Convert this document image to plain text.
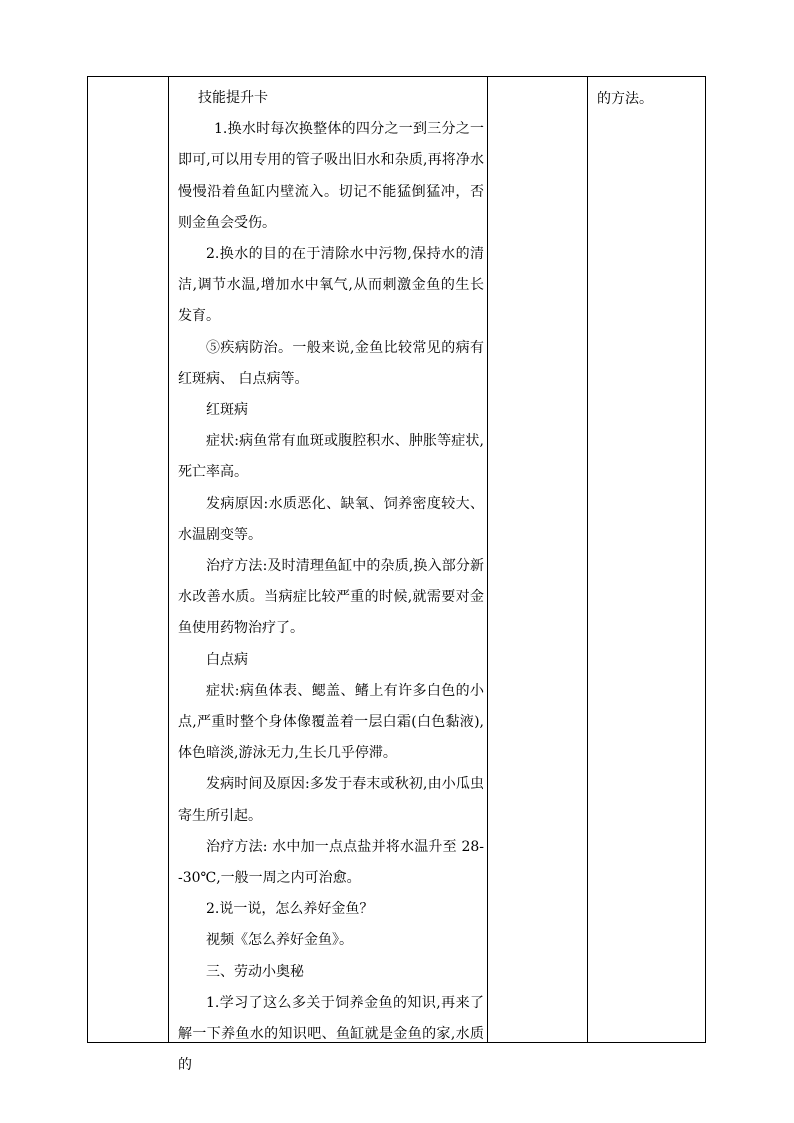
技能提升卡

1.换水时每次换整体的四分之一到三分之一即可,可以用专用的管子吸出旧水和杂质,再将净水慢慢沿着鱼缸内壁流入。切记不能猛倒猛冲，否则金鱼会受伤。

2.换水的目的在于清除水中污物,保持水的清洁,调节水温,增加水中氧气,从而刺激金鱼的生长发育。

⑤疾病防治。一般来说,金鱼比较常见的病有红斑病、 白点病等。

红斑病

症状:病鱼常有血斑或腹腔积水、肿胀等症状,死亡率高。

发病原因:水质恶化、缺氧、饲养密度较大、水温剧变等。

治疗方法:及时清理鱼缸中的杂质,换入部分新水改善水质。当病症比较严重的时候,就需要对金鱼使用药物治疗了。

白点病

症状:病鱼体表、鳃盖、鳍上有许多白色的小点,严重时整个身体像覆盖着一层白霜(白色黏液),体色暗淡,游泳无力,生长几乎停滞。

发病时间及原因:多发于春末或秋初,由小瓜虫寄生所引起。

治疗方法: 水中加一点点盐并将水温升至 28--30℃,一般一周之内可治愈。

2.说一说，怎么养好金鱼？

视频《怎么养好金鱼》。

三、劳动小奥秘

1.学习了这么多关于饲养金鱼的知识,再来了解一下养鱼水的知识吧、鱼缸就是金鱼的家,水质的

的方法。
